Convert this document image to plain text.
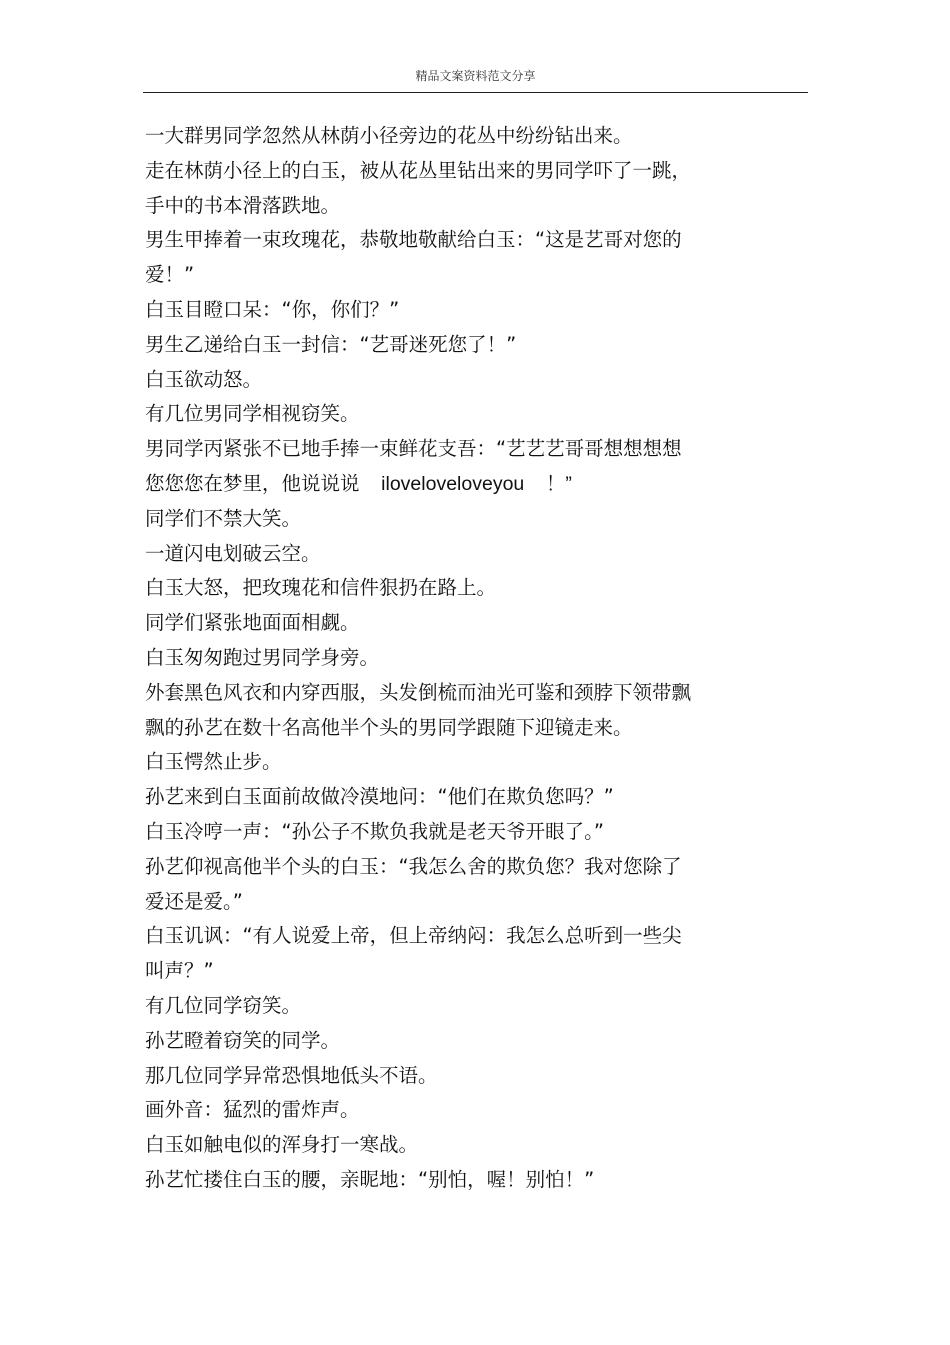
精品文案资料范文分享
一大群男同学忽然从林荫小径旁边的花丛中纷纷钻出来。
走在林荫小径上的白玉，被从花丛里钻出来的男同学吓了一跳，
手中的书本滑落跌地。
男生甲捧着一束玫瑰花，恭敬地敬献给白玉：“这是艺哥对您的
爱！”
白玉目瞪口呆：“你，你们？”
男生乙递给白玉一封信：“艺哥迷死您了！”
白玉欲动怒。
有几位男同学相视窃笑。
男同学丙紧张不已地手捧一束鲜花支吾：“艺艺艺哥哥想想想想
您您您在梦里，他说说说    iloveloveloveyou    ！”
同学们不禁大笑。
一道闪电划破云空。
白玉大怒，把玫瑰花和信件狠扔在路上。
同学们紧张地面面相觑。
白玉匆匆跑过男同学身旁。
外套黑色风衣和内穿西服，头发倒梳而油光可鉴和颈脖下领带飘
飘的孙艺在数十名高他半个头的男同学跟随下迎镜走来。
白玉愕然止步。
孙艺来到白玉面前故做冷漠地问：“他们在欺负您吗？”
白玉冷哼一声：“孙公子不欺负我就是老天爷开眼了。”
孙艺仰视高他半个头的白玉：“我怎么舍的欺负您？我对您除了
爱还是爱。”
白玉讥讽：“有人说爱上帝，但上帝纳闷：我怎么总听到一些尖
叫声？”
有几位同学窃笑。
孙艺瞪着窃笑的同学。
那几位同学异常恐惧地低头不语。
画外音：猛烈的雷炸声。
白玉如触电似的浑身打一寒战。
孙艺忙搂住白玉的腰，亲昵地：“别怕，喔！别怕！”
